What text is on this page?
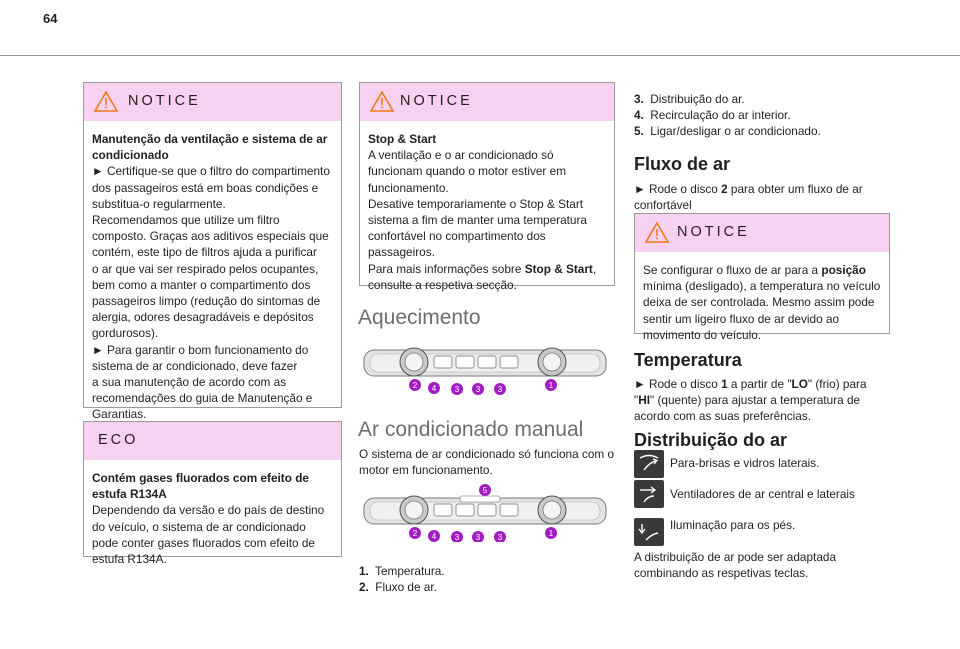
64
NOTICE

Manutenção da ventilação e sistema de ar condicionado

► Certifique-se que o filtro do compartimento

dos passageiros está em boas condições e

substitua-o regularmente.

Recomendamos que utilize um filtro

composto. Graças aos aditivos especiais que

contém, este tipo de filtros ajuda a purificar

o ar que vai ser respirado pelos ocupantes,

bem como a manter o compartimento dos

passageiros limpo (redução do sintomas de

alergia, odores desagradáveis e depósitos

gordurosos).

► Para garantir o bom funcionamento do

sistema de ar condicionado, deve fazer

a sua manutenção de acordo com as

recomendações do guia de Manutenção e

Garantias.

ECO

Contém gases fluorados com efeito de estufa R134A

Dependendo da versão e do país de destino

do veículo, o sistema de ar condicionado

pode conter gases fluorados com efeito de

estufa R134A.

NOTICE

Stop & Start

A ventilação e o ar condicionado só

funcionam quando o motor estiver em

funcionamento.

Desative temporariamente o Stop & Start

sistema a fim de manter uma temperatura

confortável no compartimento dos

passageiros.

Para mais informações sobre Stop & Start,

consulte a respetiva secção.

Aquecimento
2 4 3 3 3	1
Ar condicionado manual

O sistema de ar condicionado só funciona com o

motor em funcionamento.

5
2 4 3 3 3	1
1. Temperatura.
2. Fluxo de ar.
3. Distribuição do ar.
4. Recirculação do ar interior.
5. Ligar/desligar o ar condicionado.
Fluxo de ar

► Rode o disco 2 para obter um fluxo de ar

confortável

NOTICE

Se configurar o fluxo de ar para a posição

mínima (desligado), a temperatura no veículo

deixa de ser controlada. Mesmo assim pode

sentir um ligeiro fluxo de ar devido ao

movimento do veículo.

Temperatura

► Rode o disco 1 a partir de "LO" (frio) para

"HI" (quente) para ajustar a temperatura de

acordo com as suas preferências.

Distribuição do ar
Para-brisas e vidros laterais.
Ventiladores de ar central e laterais
Iluminação para os pés.

A distribuição de ar pode ser adaptada

combinando as respetivas teclas.
